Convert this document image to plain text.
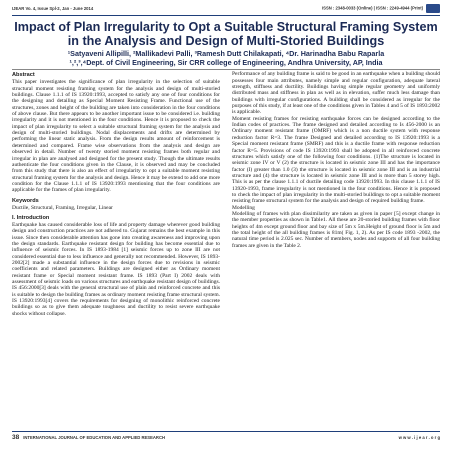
IJEAR Vo. 4, Issue Spl-2, Jan - June 2014	ISSN : 2348-0033 (Online) | ISSN : 2249-4944 (Print)
Impact of Plan Irregularity to Opt a Suitable Structural Framing System in the Analysis and Design of Multi-Storied Buildings
¹Satyaveni Allipilli, ²Mallikadevi Palli, ³Ramesh Dutt Chilakapati, ⁴Dr. Harinadha Babu Raparla
¹,²,³,⁴Dept. of Civil Engineering, Sir CRR college of Engineering, Andhra University, AP, India
Abstract

This paper investigates the significance of plan irregularity in the selection of suitable structural moment resisting framing system for the analysis and design of multi-storied buildings. Clause 1.1.1 of IS 13920:1993, accepted to satisfy any one of four conditions for the designing and detailing as Special Moment Resisting Frame. Functional use of the structures, zones and height of the building are taken into consideration in the four conditions of above clause. But there appears to be another important issue to be considered i.e. building irregularity and it is not mentioned in the four conditions. Hence it is proposed to check the impact of plan irregularity to select a suitable structural framing system for the analysis and design of multi-storied buildings. Nodal displacements and drifts are determined by performing the linear static analysis. From the design results amount of reinforcement is determined and compared. Frame wise observations from the analysis and design are observed in detail. Number of twenty storied moment resisting frames both regular and irregular in plan are analysed and designed for the present study. Though the ultimate results authenticate the four conditions given in the Clause, it is observed and may be concluded from this study that there is also an effect of irregularity to opt a suitable moment resisting structural framing system for the analysis and design. Hence it may be extend to add one more condition for the Clause 1.1.1 of IS 13920:1993 mentioning that the four conditions are applicable for the frames of plan irregularity.

Keywords

Ductile, Structural, Framing, Irregular, Linear

I. Introduction

Earthquake has caused considerable loss of life and property damage wherever good building design and construction practices are not adhered to. Gujarat remains the best example in this issue. Since then considerable attention has gone into creating awareness and improving upon the design standards. Earthquake resistant design for building has become essential due to influence of seismic forces. In IS 1893-1984 [1] seismic forces up to zone III are not considered essential due to less influence and generally not recommended. However, IS 1893-2002[2] made a substantial influence in the design forces due to revisions in seismic coefficients and related parameters. Buildings are designed either as Ordinary moment resistant frame or Special moment resistant frame. IS 1893 (Part I) 2002 deals with assessment of seismic loads on various structures and earthquake resistant design of buildings. IS 456:2000[3] deals with the general structural use of plain and reinforced concrete and this is suitable to design the building frames as ordinary moment resisting frame structural system. IS 13920:1993[4] covers the requirements for designing of monolithic reinforced concrete buildings so as to give them adequate toughness and ductility to resist severe earthquake shocks without collapse.

Performance of any building frame is said to be good in an earthquake when a building should possesses four main attributes, namely simple and regular configuration, adequate lateral strength, stiffness and ductility. Buildings having simple regular geometry and uniformly distributed mass and stiffness in plan as well as in elevation, suffer much less damage than buildings with irregular configurations. A building shall be considered as irregular for the purposes of this study, if at least one of the conditions given in Tables 4 and 5 of IS 1893:2002 is applicable.

Moment resisting frames for resisting earthquake forces can be designed according to the Indian codes of practices. The frame designed and detailed according to Is 456-2000 is an Ordinary moment resistant frame (OMRF) which is a non ductile system with response reduction factor R=3. The frame Designed and detailed according to IS 13920:1993 is a Special moment resistant frame (SMRF) and this is a ductile frame with response reduction factor R=5. Provisions of code IS 13920:1993 shall be adopted in all reinforced concrete structures which satisfy one of the following four conditions. (1)The structure is located in seismic zone IV or V (2) the structure is located in seismic zone III and has the importance factor (I) greater than 1.0 (3) the structure is located in seismic zone III and is an industrial structure and (4) the structure is located in seismic zone III and is more than 5 storey high. This is as per the clause 1.1.1 of ductile detailing code 13920:1993. In this clause 1.1.1 of IS 13920-1993, frame irregularity is not mentioned in the four conditions. Hence it is proposed to check the impact of plan irregularity in the multi-storied buildings to opt a suitable moment resisting frame structural system for the analysis and design of required building frame.

Modelling

Modelling of frames with plan dissimilarity are taken as given in paper [5] except change in the member properties as shown in Table1. All these are 20-storied building frames with floor heights of 4m except ground floor and bay size of 5m x 5m.Height of ground floor is 5m and the total height of the all building frames is 81m( Fig. 1, 2). As per IS code 1893 -2002, the natural time period is 2.025 sec. Number of members, nodes and supports of all four building frames are given in the Table 2.

38 INTERNATIONAL JOURNAL OF EDUCATION AND APPLIED RESEARCH	w w w . i j e a r . o r g
